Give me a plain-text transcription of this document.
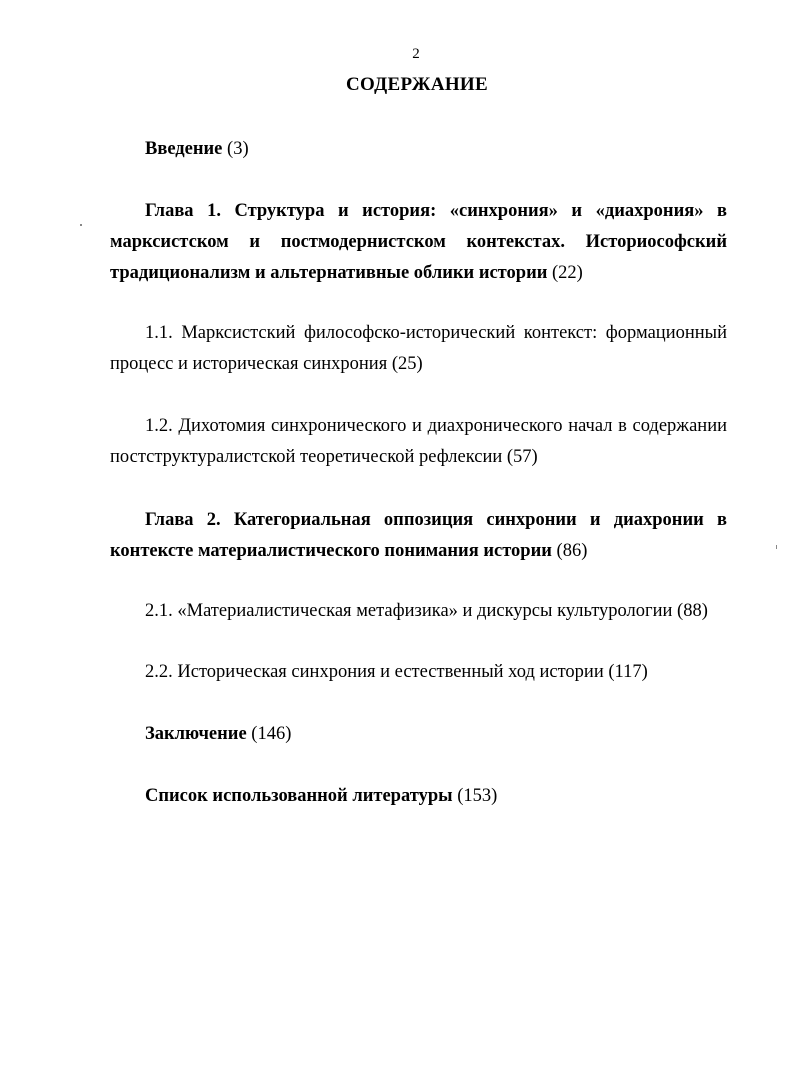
2
СОДЕРЖАНИЕ
Введение (3)
Глава 1. Структура и история: «синхрония» и «диахрония» в марксистском и постмодернистском контекстах. Историософский традиционализм и альтернативные облики истории (22)
1.1. Марксистский философско-исторический контекст: формационный процесс и историческая синхрония (25)
1.2. Дихотомия синхронического и диахронического начал в содержании постструктуралистской теоретической рефлексии (57)
Глава 2. Категориальная оппозиция синхронии и диахронии в контексте материалистического понимания истории (86)
2.1. «Материалистическая метафизика» и дискурсы культурологии (88)
2.2. Историческая синхрония и естественный ход истории (117)
Заключение (146)
Список использованной литературы (153)
